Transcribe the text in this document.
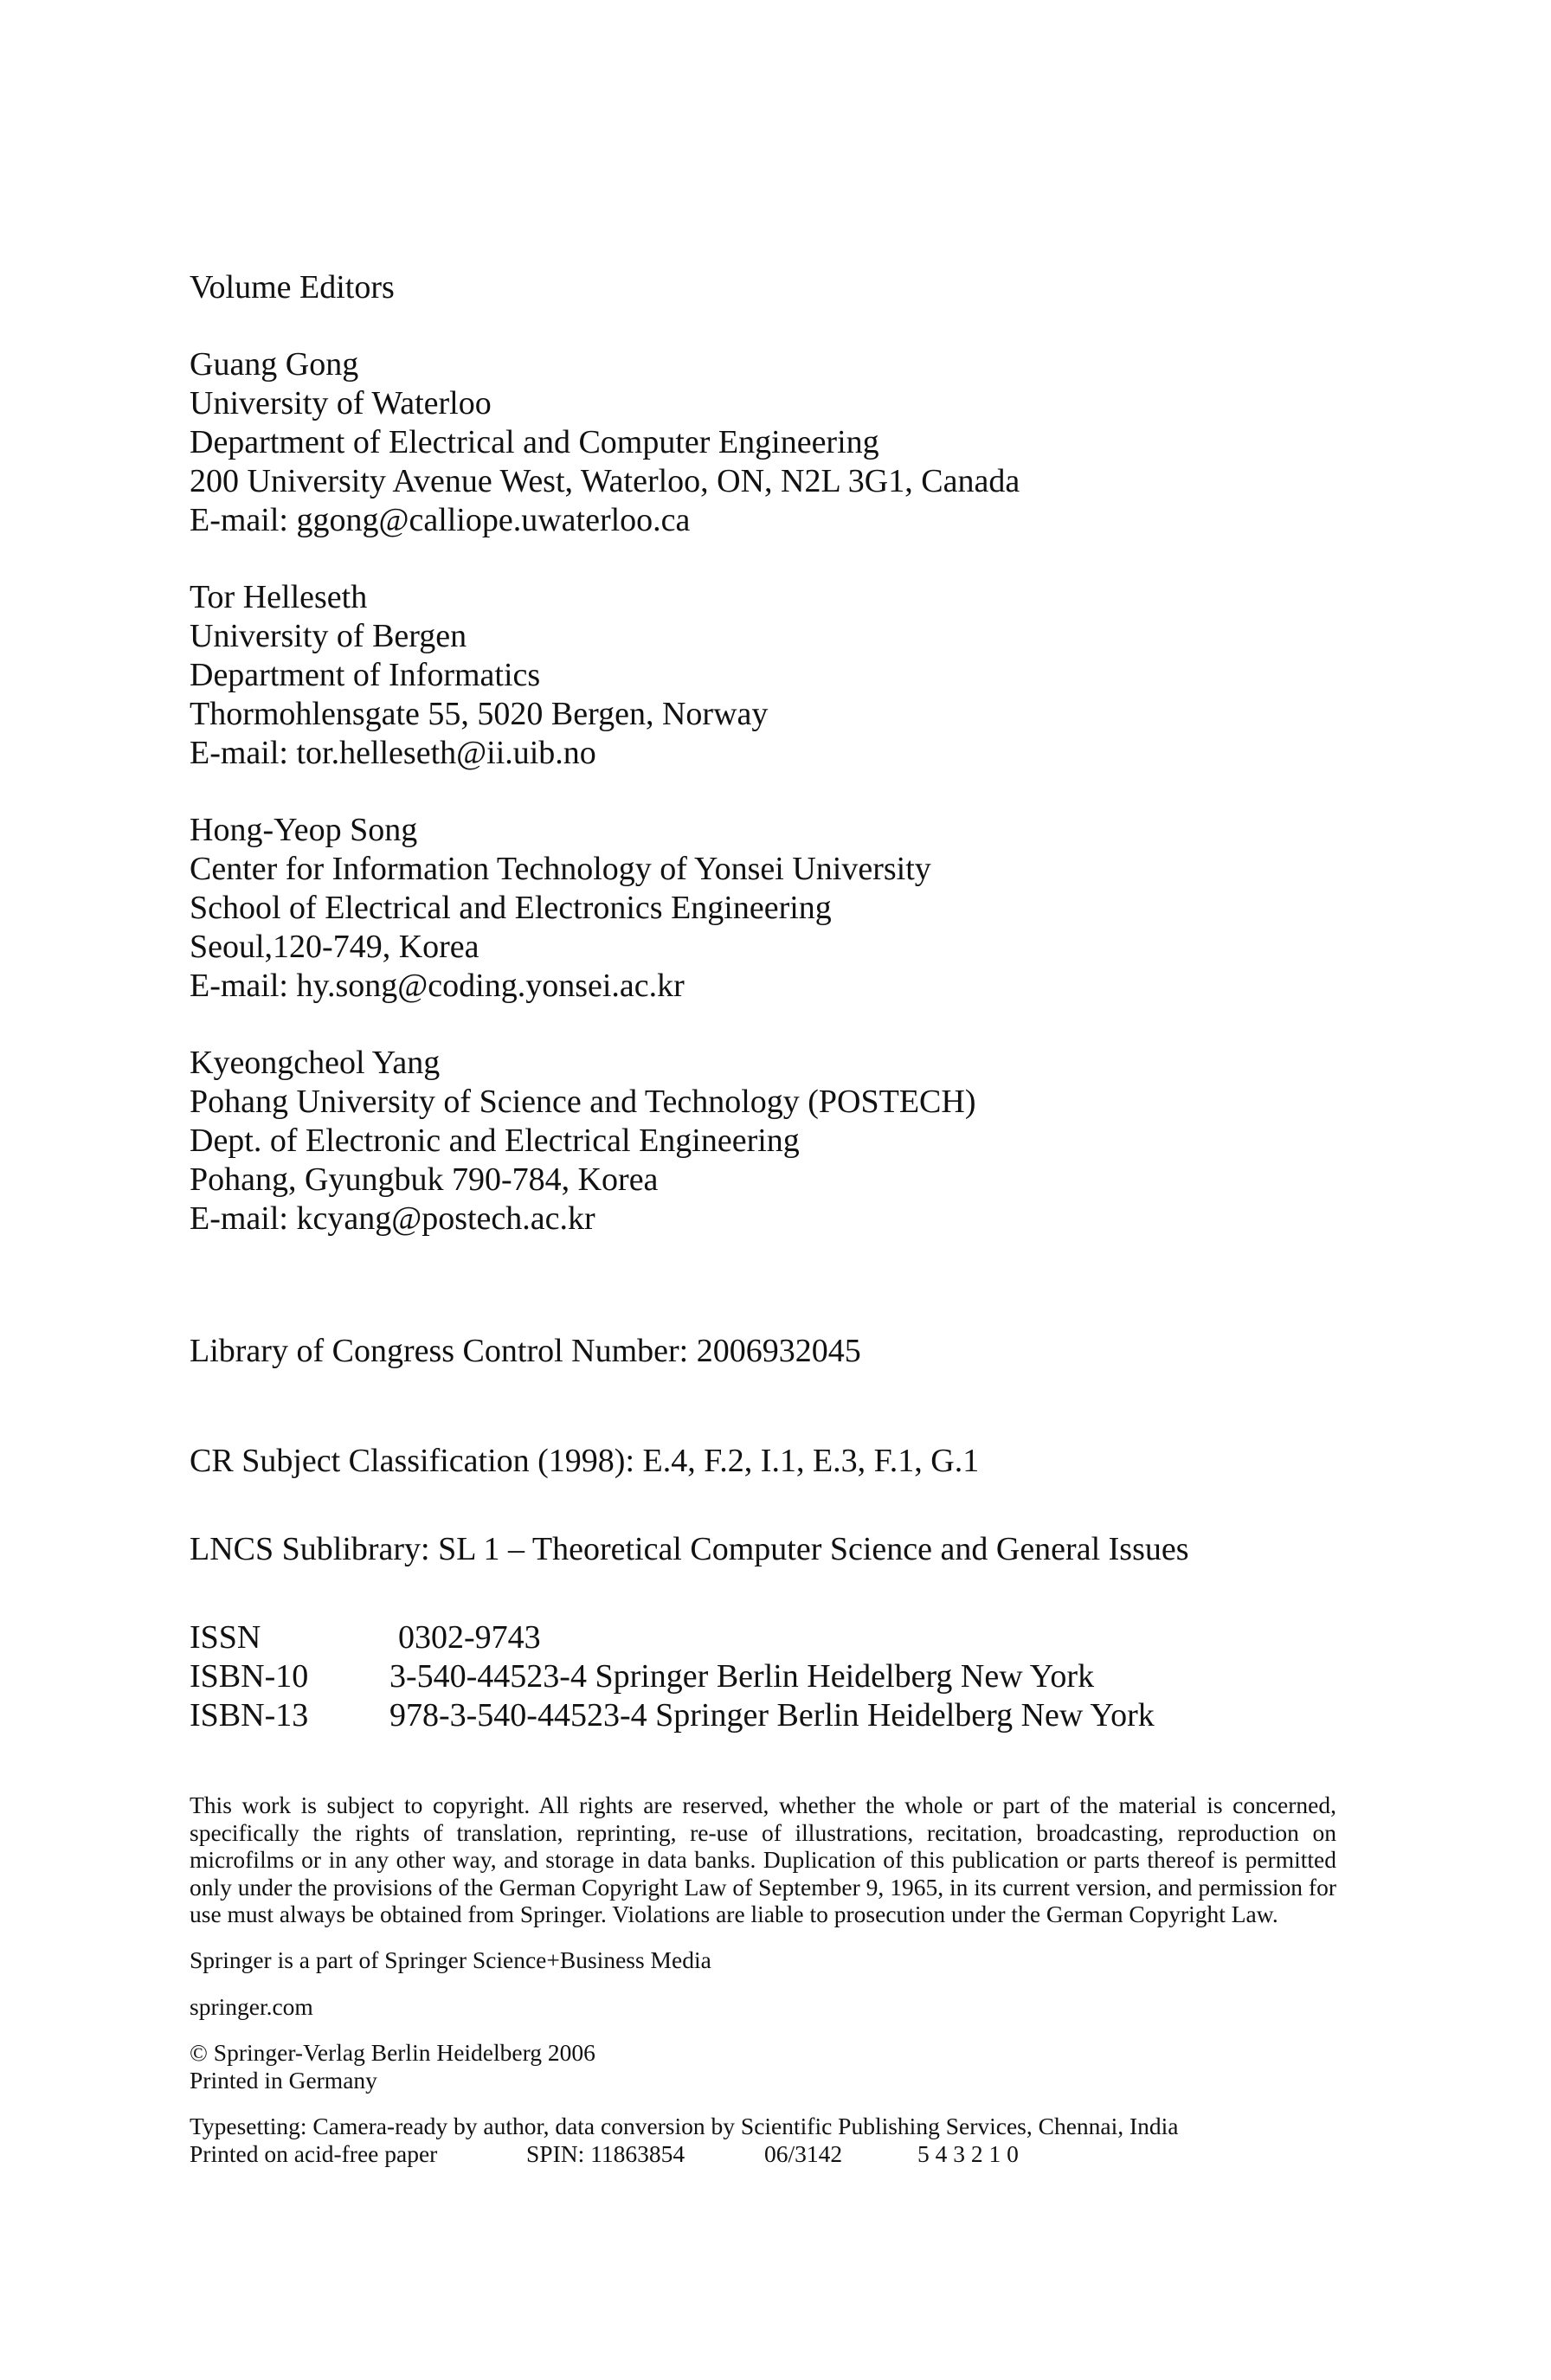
Volume Editors
Guang Gong
University of Waterloo
Department of Electrical and Computer Engineering
200 University Avenue West, Waterloo, ON, N2L 3G1, Canada
E-mail: ggong@calliope.uwaterloo.ca
Tor Helleseth
University of Bergen
Department of Informatics
Thormohlensgate 55, 5020 Bergen, Norway
E-mail: tor.helleseth@ii.uib.no
Hong-Yeop Song
Center for Information Technology of Yonsei University
School of Electrical and Electronics Engineering
Seoul,120-749, Korea
E-mail: hy.song@coding.yonsei.ac.kr
Kyeongcheol Yang
Pohang University of Science and Technology (POSTECH)
Dept. of Electronic and Electrical Engineering
Pohang, Gyungbuk 790-784, Korea
E-mail: kcyang@postech.ac.kr
Library of Congress Control Number: 2006932045
CR Subject Classification (1998): E.4, F.2, I.1, E.3, F.1, G.1
LNCS Sublibrary: SL 1 – Theoretical Computer Science and General Issues
ISSN	0302-9743
ISBN-10	3-540-44523-4 Springer Berlin Heidelberg New York
ISBN-13	978-3-540-44523-4 Springer Berlin Heidelberg New York
This work is subject to copyright. All rights are reserved, whether the whole or part of the material is concerned, specifically the rights of translation, reprinting, re-use of illustrations, recitation, broadcasting, reproduction on microfilms or in any other way, and storage in data banks. Duplication of this publication or parts thereof is permitted only under the provisions of the German Copyright Law of September 9, 1965, in its current version, and permission for use must always be obtained from Springer. Violations are liable to prosecution under the German Copyright Law.
Springer is a part of Springer Science+Business Media
springer.com
© Springer-Verlag Berlin Heidelberg 2006
Printed in Germany
Typesetting: Camera-ready by author, data conversion by Scientific Publishing Services, Chennai, India
Printed on acid-free paper	SPIN: 11863854	06/3142	5 4 3 2 1 0
